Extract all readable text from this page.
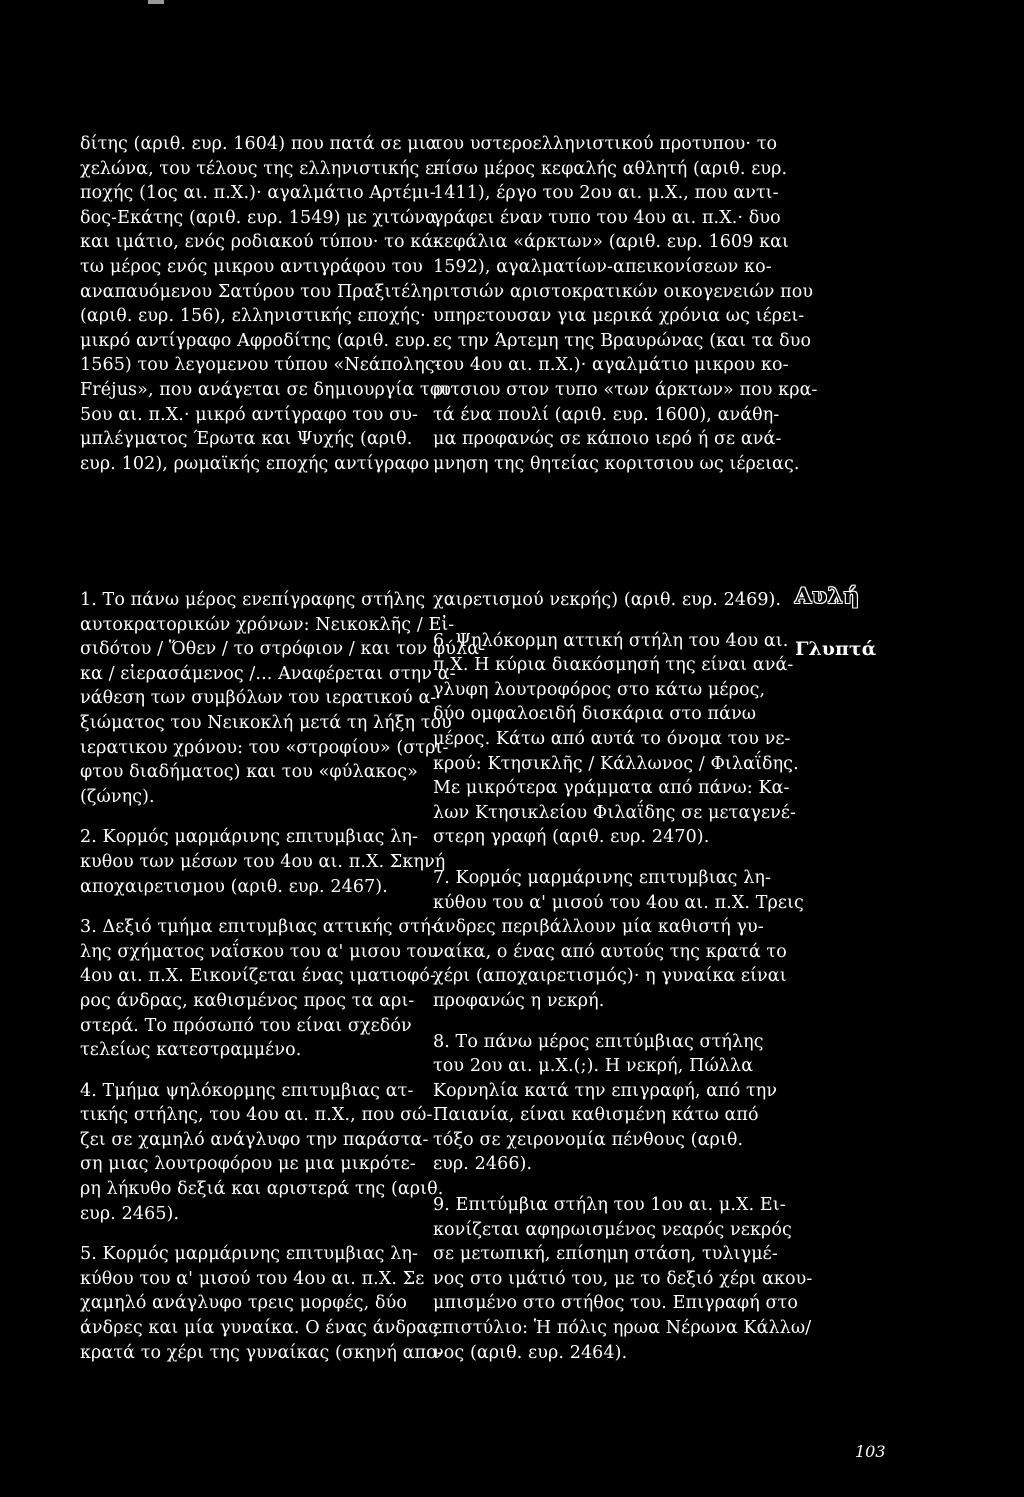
δίτης (αριθ. ευρ. 1604) που πατά σε μια
χελώνα, του τέλους της ελληνιστικής ε-
ποχής (1ος αι. π.Χ.)· αγαλμάτιο Αρτέμι-
δος-Εκάτης (αριθ. ευρ. 1549) με χιτώνα
και ιμάτιο, ενός ροδιακού τύπου· το κά-
τω μέρος ενός μικρου αντιγράφου του
αναπαυόμενου Σατύρου του Πραξιτέλη
(αριθ. ευρ. 156), ελληνιστικής εποχής·
μικρό αντίγραφο Αφροδίτης (αριθ. ευρ.
1565) του λεγομενου τύπου «Νεάπολης-
Fréjus», που ανάγεται σε δημιουργία του
5ου αι. π.Χ.· μικρό αντίγραφο του συ-
μπλέγματος Έρωτα και Ψυχής (αριθ.
ευρ. 102), ρωμαϊκής εποχής αντίγραφο
του υστεροελληνιστικού προτυπου· το
πίσω μέρος κεφαλής αθλητή (αριθ. ευρ.
1411), έργο του 2ου αι. μ.Χ., που αντι-
γράφει έναν τυπο του 4ου αι. π.Χ.· δυο
κεφάλια «άρκτων» (αριθ. ευρ. 1609 και
1592), αγαλματίων-απεικονίσεων κο-
ριτσιών αριστοκρατικών οικογενειών που
υπηρετουσαν για μερικά χρόνια ως ιέρει-
ες την Άρτεμη της Βραυρώνας (και τα δυο
του 4ου αι. π.Χ.)· αγαλμάτιο μικρου κο-
ριτσιου στον τυπο «των άρκτων» που κρα-
τά ένα πουλί (αριθ. ευρ. 1600), ανάθη-
μα προφανώς σε κάποιο ιερό ή σε ανά-
μνηση της θητείας κοριτσιου ως ιέρειας.
1. Το πάνω μέρος ενεπίγραφης στήλης
αυτοκρατορικών χρόνων: Νεικοκλῆς / Εἰ-
σιδότου / Ὅθεν / το στρόφιον / και τον φύλα-
κα / εἰερασάμενος /... Αναφέρεται στην α-
νάθεση των συμβόλων του ιερατικού α-
ξιώματος του Νεικοκλή μετά τη λήξη του
ιερατικου χρόνου: του «στροφίου» (στρι-
φτου διαδήματος) και του «φύλακος»
(ζώνης).
2. Κορμός μαρμάρινης επιτυμβιας λη-
κυθου των μέσων του 4ου αι. π.Χ. Σκηνή
αποχαιρετισμου (αριθ. ευρ. 2467).
3. Δεξιό τμήμα επιτυμβιας αττικής στή-
λης σχήματος ναΐσκου του α' μισου του
4ου αι. π.Χ. Εικονίζεται ένας ιματιοφό-
ρος άνδρας, καθισμένος προς τα αρι-
στερά. Το πρόσωπό του είναι σχεδόν
τελείως κατεστραμμένο.
4. Τμήμα ψηλόκορμης επιτυμβιας ατ-
τικής στήλης, του 4ου αι. π.Χ., που σώ-
ζει σε χαμηλό ανάγλυφο την παράστα-
ση μιας λουτροφόρου με μια μικρότε-
ρη λήκυθο δεξιά και αριστερά της (αριθ.
ευρ. 2465).
5. Κορμός μαρμάρινης επιτυμβιας λη-
κύθου του α' μισού του 4ου αι. π.Χ. Σε
χαμηλό ανάγλυφο τρεις μορφές, δύο
άνδρες και μία γυναίκα. Ο ένας άνδρας
κρατά το χέρι της γυναίκας (σκηνή απο-
χαιρετισμού νεκρής) (αριθ. ευρ. 2469).
6. Ψηλόκορμη αττική στήλη του 4ου αι.
π.Χ. Η κύρια διακόσμησή της είναι ανά-
γλυφη λουτροφόρος στο κάτω μέρος,
δύο ομφαλοειδή δισκάρια στο πάνω
μέρος. Κάτω από αυτά το όνομα του νε-
κρού: Κτησικλῆς / Κάλλωνος / Φιλαΐδης.
Με μικρότερα γράμματα από πάνω: Κα-
λων Κτησικλείου Φιλαΐδης σε μεταγενέ-
στερη γραφή (αριθ. ευρ. 2470).
7. Κορμός μαρμάρινης επιτυμβιας λη-
κύθου του α' μισού του 4ου αι. π.Χ. Τρεις
άνδρες περιβάλλουν μία καθιστή γυ-
ναίκα, ο ένας από αυτούς της κρατά το
χέρι (αποχαιρετισμός)· η γυναίκα είναι
προφανώς η νεκρή.
8. Το πάνω μέρος επιτύμβιας στήλης
του 2ου αι. μ.Χ.(;). Η νεκρή, Πώλλα
Κορνηλία κατά την επιγραφή, από την
Παιανία, είναι καθισμένη κάτω από
τόξο σε χειρονομία πένθους (αριθ.
ευρ. 2466).
9. Επιτύμβια στήλη του 1ου αι. μ.Χ. Ει-
κονίζεται αφηρωισμένος νεαρός νεκρός
σε μετωπική, επίσημη στάση, τυλιγμέ-
νος στο ιμάτιό του, με το δεξιό χέρι ακου-
μπισμένο στο στήθος του. Επιγραφή στο
επιστύλιο: Ἡ πόλις ηρωα Νέρωνα Κάλλω/
νος (αριθ. ευρ. 2464).
Αυλή
Γλυπτά
103
